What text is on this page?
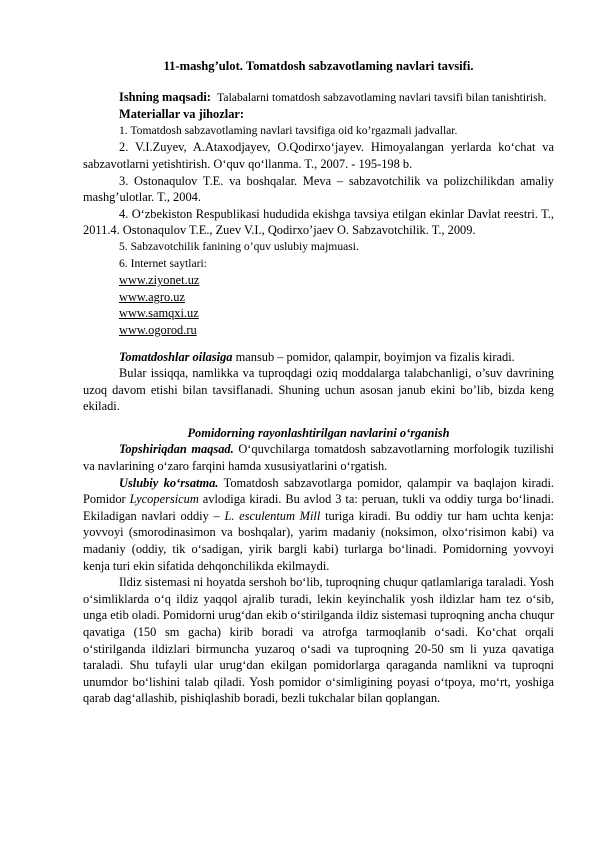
11-mashg’ulot. Tomatdosh sabzavotlaming navlari tavsifi.

Ishning maqsadi: Talabalarni tomatdosh sabzavotlaming navlari tavsifi bilan tanishtirish.

Materiallar va jihozlar:

1. Tomatdosh sabzavotlaming navlari tavsifiga oid ko’rgazmali jadvallar.

2. V.I.Zuyev, A.Ataxodjayev, O.Qodirxo‘jayev. Himoyalangan yerlarda ko‘chat va sabzavotlarni yetishtirish. O‘quv qo‘llanma. T., 2007. - 195-198 b.

3. Ostonaqulov T.E. va boshqalar. Meva – sabzavotchilik va polizchilikdan amaliy mashg’ulotlar. T., 2004.

4. O‘zbekiston Respublikasi hududida ekishga tavsiya etilgan ekinlar Davlat reestri. T., 2011.4. Ostonaqulov T.E., Zuev V.I., Qodirxo’jaev O. Sabzavotchilik. T., 2009.

5. Sabzavotchilik fanining o’quv uslubiy majmuasi.

6. Internet saytlari:

www.ziyonet.uz

www.agro.uz

www.samqxi.uz

www.ogorod.ru

Tomatdoshlar oilasiga mansub – pomidor, qalampir, boyimjon va fizalis kiradi.

Bular issiqqa, namlikka va tuproqdagi oziq moddalarga talabchanligi, o’suv davrining uzoq davom etishi bilan tavsiflanadi. Shuning uchun asosan janub ekini bo’lib, bizda keng ekiladi.

Pomidorning rayonlashtirilgan navlarini o‘rganish

Topshiriqdan maqsad. O‘quvchilarga tomatdosh sabzavotlarning morfologik tuzilishi va navlarining o‘zaro farqini hamda xususiyatlarini o‘rgatish.

Uslubiy ko‘rsatma. Tomatdosh sabzavotlarga pomidor, qalampir va baqlajon kiradi. Pomidor Lycopersicum avlodiga kiradi. Bu avlod 3 ta: peruan, tukli va oddiy turga bo‘linadi. Ekiladigan navlari oddiy – L. esculentum Mill turiga kiradi. Bu oddiy tur ham uchta kenja: yovvoyi (smorodinasimon va boshqalar), yarim madaniy (noksimon, olxo‘risimon kabi) va madaniy (oddiy, tik o‘sadigan, yirik bargli kabi) turlarga bo‘linadi. Pomidorning yovvoyi kenja turi ekin sifatida dehqonchilikda ekilmaydi.

Ildiz sistemasi ni hoyatda sershoh bo‘lib, tuproqning chuqur qatlamlariga taraladi. Yosh o‘simliklarda o‘q ildiz yaqqol ajralib turadi, lekin keyinchalik yosh ildizlar ham tez o‘sib, unga etib oladi. Pomidorni urug‘dan ekib o‘stirilganda ildiz sistemasi tuproqning ancha chuqur qavatiga (150 sm gacha) kirib boradi va atrofga tarmoqlanib o‘sadi. Ko‘chat orqali o‘stirilganda ildizlari birmuncha yuzaroq o‘sadi va tuproqning 20-50 sm li yuza qavatiga taraladi. Shu tufayli ular urug‘dan ekilgan pomidorlarga qaraganda namlikni va tuproqni unumdor bo‘lishini talab qiladi. Yosh pomidor o‘simligining poyasi o‘tpoya, mo‘rt, yoshiga qarab dag‘allashib, pishiqlashib boradi, bezli tukchalar bilan qoplangan.
